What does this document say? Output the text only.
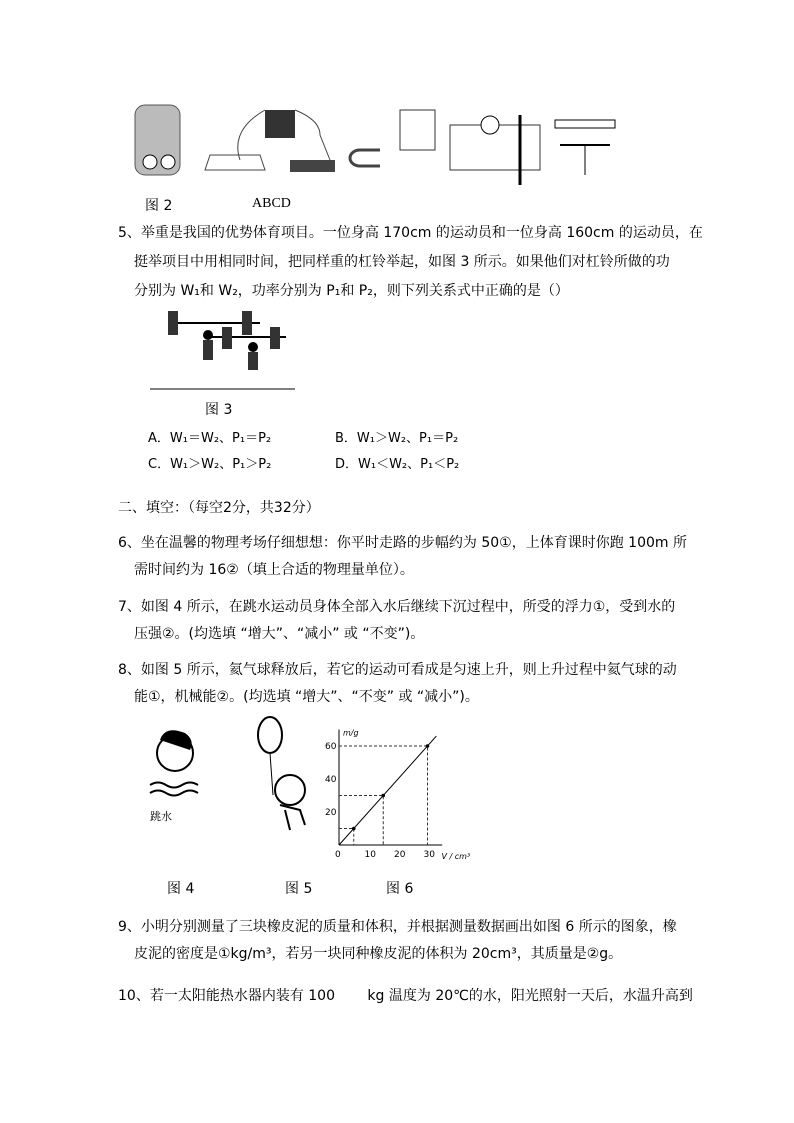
图 2	ABCD
5、举重是我国的优势体育项目。一位身高 170cm 的运动员和一位身高 160cm 的运动员，在
挺举项目中用相同时间，把同样重的杠铃举起，如图 3 所示。如果他们对杠铃所做的功
分别为 W₁和 W₂，功率分别为 P₁和 P₂，则下列关系式中正确的是（）
图 3
A．W₁＝W₂、P₁＝P₂	B．W₁＞W₂、P₁＝P₂
C．W₁＞W₂、P₁＞P₂	D．W₁＜W₂、P₁＜P₂
二、填空：（每空2分，共32分）
6、坐在温馨的物理考场仔细想想：你平时走路的步幅约为 50①，上体育课时你跑 100m 所
需时间约为 16②（填上合适的物理量单位）。
7、如图 4 所示，在跳水运动员身体全部入水后继续下沉过程中，所受的浮力①，受到水的
压强②。(均选填 “增大”、“减小” 或 “不变”)。
8、如图 5 所示，氦气球释放后，若它的运动可看成是匀速上升，则上升过程中氦气球的动
能①，机械能②。(均选填 “增大”、“不变” 或 “减小”)。
跳水
V / cm³
m/g
0	10 20 30
20
40
60
图 4	图 5	图 6
9、小明分别测量了三块橡皮泥的质量和体积，并根据测量数据画出如图 6 所示的图象，橡
皮泥的密度是①kg/m³，若另一块同种橡皮泥的体积为 20cm³，其质量是②g。
10、若一太阳能热水器内装有 100　　 kg 温度为 20℃的水，阳光照射一天后，水温升高到
